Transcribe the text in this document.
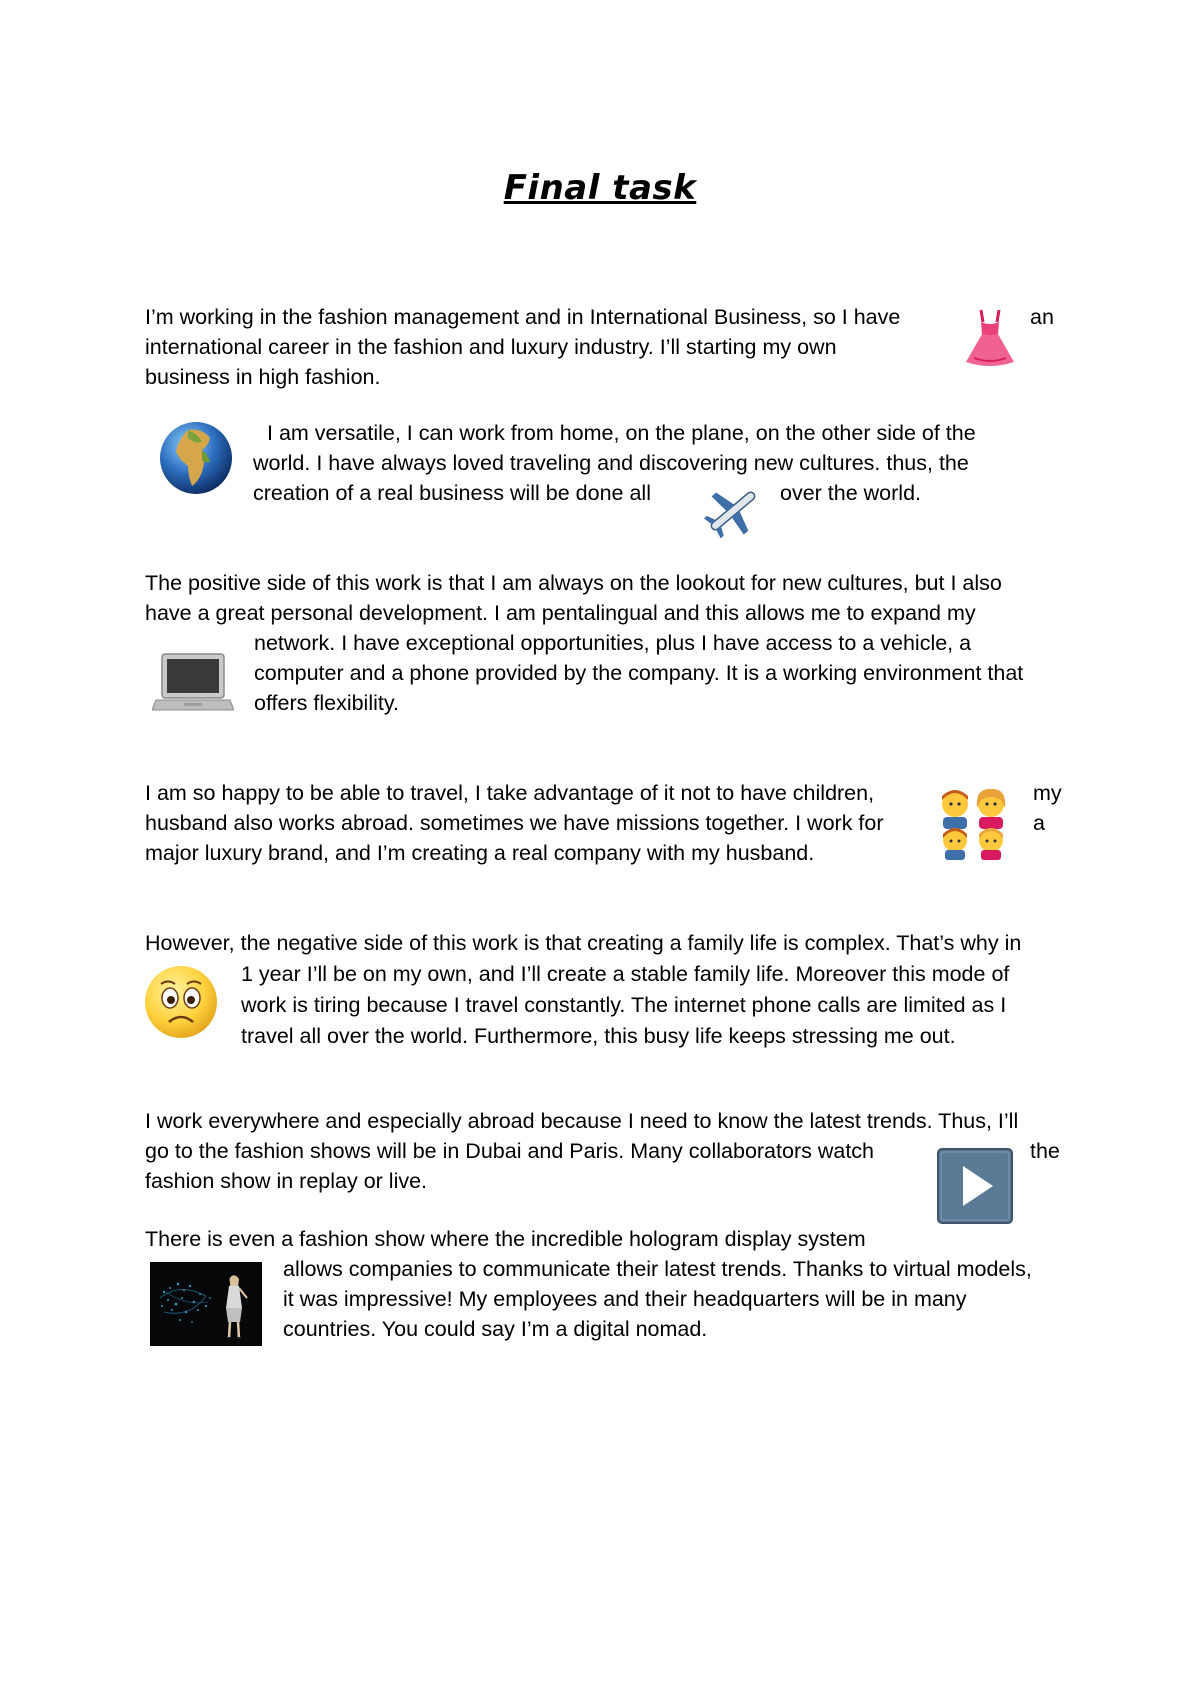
Final task
I’m working in the fashion management and in International Business, so I have
international career in the fashion and luxury industry. I’ll starting my own
business in high fashion.
an
I am versatile, I can work from home, on the plane, on the other side of the
world. I have always loved traveling and discovering new cultures. thus, the
creation of a real business will be done all	over the world.
The positive side of this work is that I am always on the lookout for new cultures, but I also
have a great personal development. I am pentalingual and this allows me to expand my
network. I have exceptional opportunities, plus I have access to a vehicle, a
computer and a phone provided by the company. It is a working environment that
offers flexibility.
I am so happy to be able to travel, I take advantage of it not to have children,
husband also works abroad. sometimes we have missions together. I work for
major luxury brand, and I’m creating a real company with my husband.
my
a
However, the negative side of this work is that creating a family life is complex. That’s why in
1 year I’ll be on my own, and I’ll create a stable family life. Moreover this mode of
work is tiring because I travel constantly. The internet phone calls are limited as I
travel all over the world. Furthermore, this busy life keeps stressing me out.
I work everywhere and especially abroad because I need to know the latest trends. Thus, I’ll
go to the fashion shows will be in Dubai and Paris. Many collaborators watch
fashion show in replay or live.
the
There is even a fashion show where the incredible hologram display system
allows companies to communicate their latest trends. Thanks to virtual models,
it was impressive! My employees and their headquarters will be in many
countries. You could say I’m a digital nomad.
